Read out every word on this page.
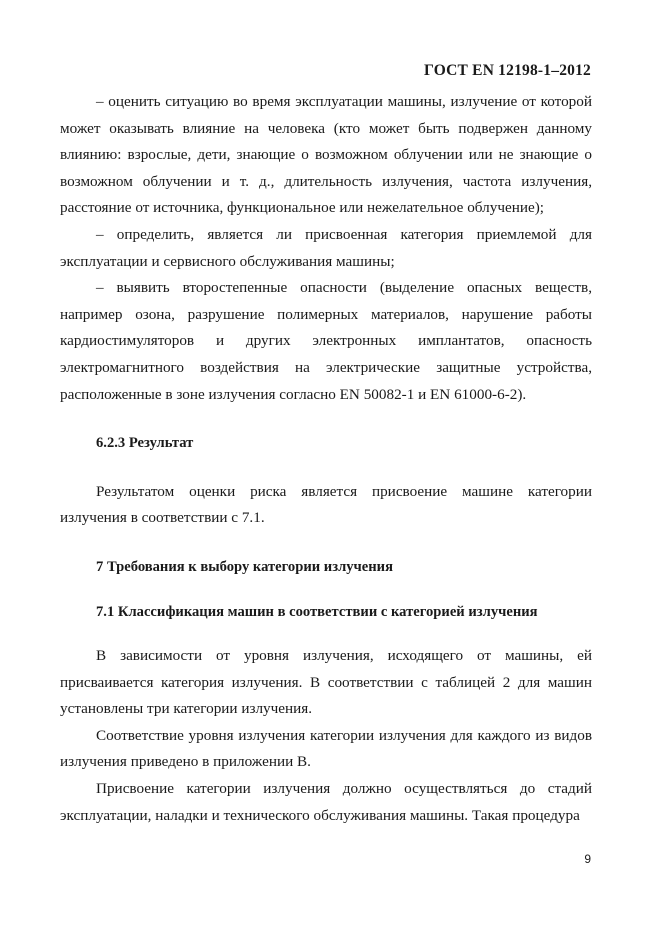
ГОСТ EN 12198-1–2012

– оценить ситуацию во время эксплуатации машины, излучение от которой может оказывать влияние на человека (кто может быть подвержен данному влиянию: взрослые, дети, знающие о возможном облучении или не знающие о возможном облучении и т. д., длительность излучения, частота излучения, расстояние от источника, функциональное или нежелательное облучение);

– определить, является ли присвоенная категория приемлемой для эксплуатации и сервисного обслуживания машины;

– выявить второстепенные опасности (выделение опасных веществ, например озона, разрушение полимерных материалов, нарушение работы кардиостимуляторов и других электронных имплантатов, опасность электромагнитного воздействия на электрические защитные устройства, расположенные в зоне излучения согласно EN 50082-1 и EN 61000-6-2).

6.2.3 Результат

Результатом оценки риска является присвоение машине категории излучения в соответствии с 7.1.

7 Требования к выбору категории излучения

7.1 Классификация машин в соответствии с категорией излучения

В зависимости от уровня излучения, исходящего от машины, ей присваивается категория излучения. В соответствии с таблицей 2 для машин установлены три категории излучения.

Соответствие уровня излучения категории излучения для каждого из видов излучения приведено в приложении В.

Присвоение категории излучения должно осуществляться до стадий эксплуатации, наладки и технического обслуживания машины. Такая процедура

9
